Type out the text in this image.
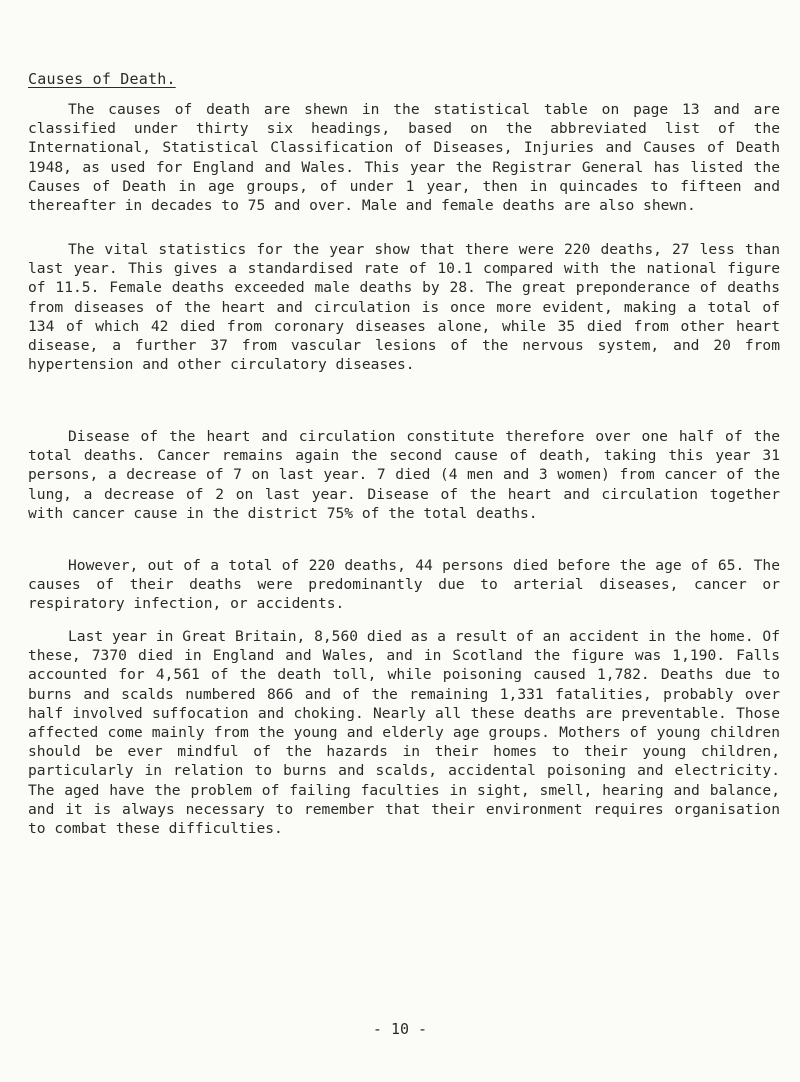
Causes of Death.

The causes of death are shewn in the statistical table on page 13 and are classified under thirty six headings, based on the abbreviated list of the International, Statistical Classification of Diseases, Injuries and Causes of Death 1948, as used for England and Wales. This year the Registrar General has listed the Causes of Death in age groups, of under 1 year, then in quincades to fifteen and thereafter in decades to 75 and over. Male and female deaths are also shewn.

The vital statistics for the year show that there were 220 deaths, 27 less than last year. This gives a standardised rate of 10.1 compared with the national figure of 11.5. Female deaths exceeded male deaths by 28. The great preponderance of deaths from diseases of the heart and circulation is once more evident, making a total of 134 of which 42 died from coronary diseases alone, while 35 died from other heart disease, a further 37 from vascular lesions of the nervous system, and 20 from hypertension and other circulatory diseases.

Disease of the heart and circulation constitute therefore over one half of the total deaths. Cancer remains again the second cause of death, taking this year 31 persons, a decrease of 7 on last year. 7 died (4 men and 3 women) from cancer of the lung, a decrease of 2 on last year. Disease of the heart and circulation together with cancer cause in the district 75% of the total deaths.

However, out of a total of 220 deaths, 44 persons died before the age of 65. The causes of their deaths were predominantly due to arterial diseases, cancer or respiratory infection, or accidents.

Last year in Great Britain, 8,560 died as a result of an accident in the home. Of these, 7370 died in England and Wales, and in Scotland the figure was 1,190. Falls accounted for 4,561 of the death toll, while poisoning caused 1,782. Deaths due to burns and scalds numbered 866 and of the remaining 1,331 fatalities, probably over half involved suffocation and choking. Nearly all these deaths are preventable. Those affected come mainly from the young and elderly age groups. Mothers of young children should be ever mindful of the hazards in their homes to their young children, particularly in relation to burns and scalds, accidental poisoning and electricity. The aged have the problem of failing faculties in sight, smell, hearing and balance, and it is always necessary to remember that their environment requires organisation to combat these difficulties.

- 10 -
